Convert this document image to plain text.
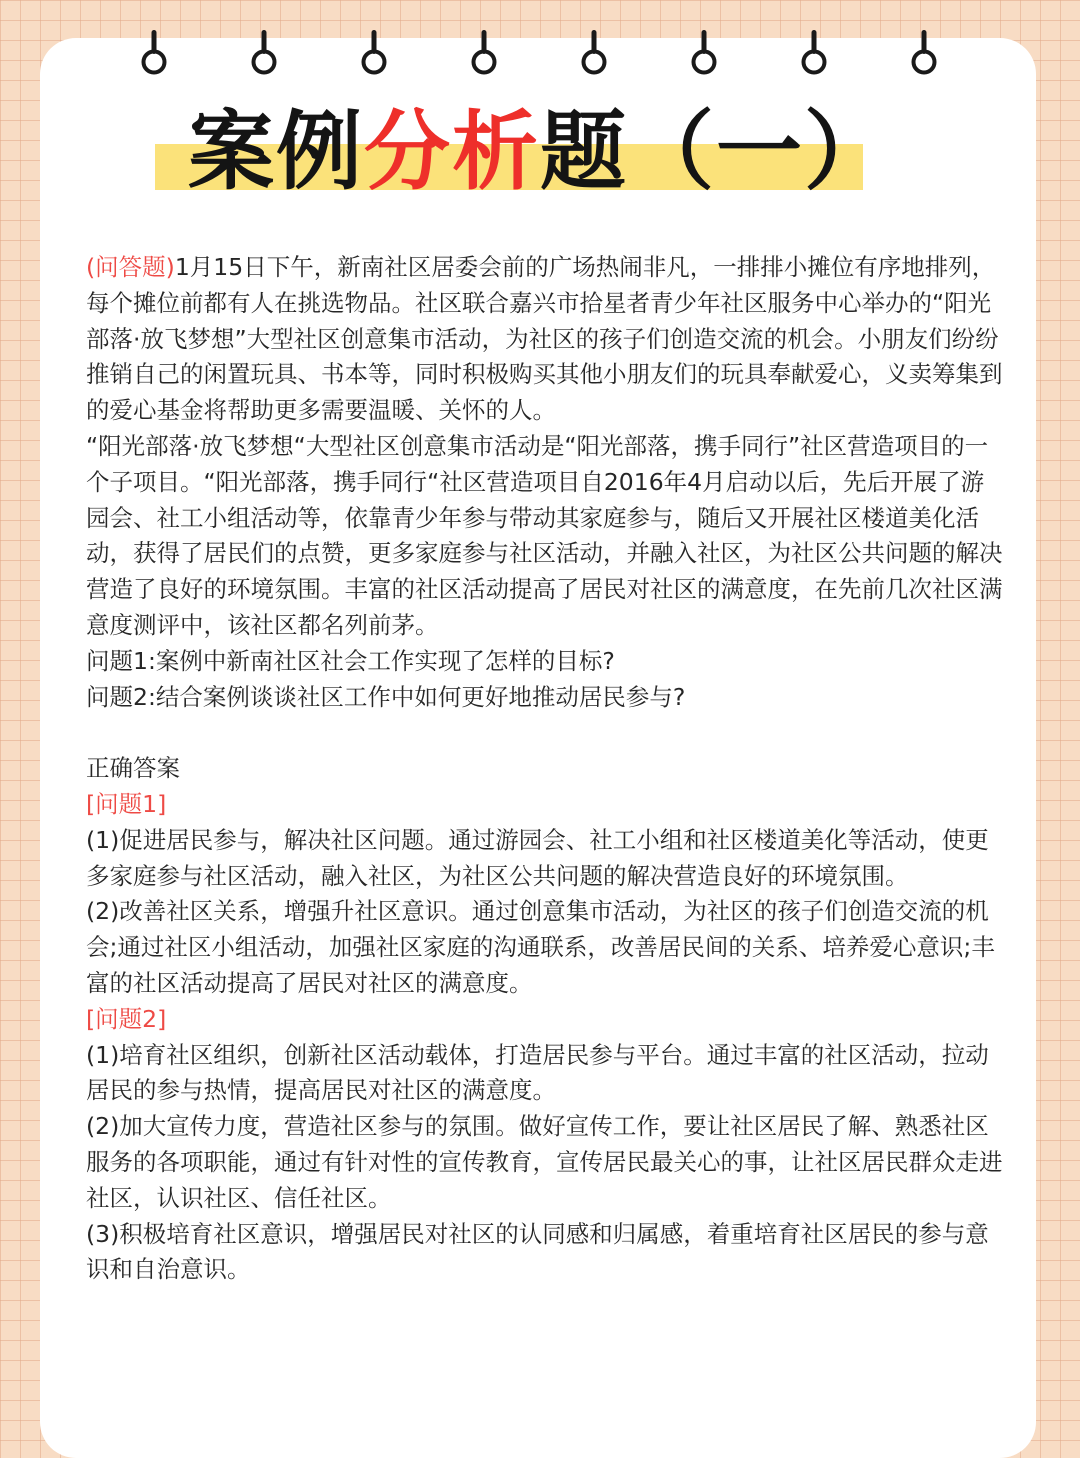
案例分析题（一）

(问答题)1月15日下午，新南社区居委会前的广场热闹非凡，一排排小摊位有序地排列，每个摊位前都有人在挑选物品。社区联合嘉兴市拾星者青少年社区服务中心举办的“阳光部落·放飞梦想”大型社区创意集市活动，为社区的孩子们创造交流的机会。小朋友们纷纷推销自己的闲置玩具、书本等，同时积极购买其他小朋友们的玩具奉献爱心，义卖筹集到的爱心基金将帮助更多需要温暖、关怀的人。

“阳光部落·放飞梦想“大型社区创意集市活动是“阳光部落，携手同行”社区营造项目的一个子项目。“阳光部落，携手同行“社区营造项目自2016年4月启动以后，先后开展了游园会、社工小组活动等，依靠青少年参与带动其家庭参与，随后又开展社区楼道美化活动，获得了居民们的点赞，更多家庭参与社区活动，并融入社区，为社区公共问题的解决营造了良好的环境氛围。丰富的社区活动提高了居民对社区的满意度，在先前几次社区满意度测评中，该社区都名列前茅。

问题1:案例中新南社区社会工作实现了怎样的目标?

问题2:结合案例谈谈社区工作中如何更好地推动居民参与?

正确答案

[问题1]

(1)促进居民参与，解决社区问题。通过游园会、社工小组和社区楼道美化等活动，使更多家庭参与社区活动，融入社区，为社区公共问题的解决营造良好的环境氛围。

(2)改善社区关系，增强升社区意识。通过创意集市活动，为社区的孩子们创造交流的机会;通过社区小组活动，加强社区家庭的沟通联系，改善居民间的关系、培养爱心意识;丰富的社区活动提高了居民对社区的满意度。

[问题2]

(1)培育社区组织，创新社区活动载体，打造居民参与平台。通过丰富的社区活动，拉动居民的参与热情，提高居民对社区的满意度。

(2)加大宣传力度，营造社区参与的氛围。做好宣传工作，要让社区居民了解、熟悉社区服务的各项职能，通过有针对性的宣传教育，宣传居民最关心的事，让社区居民群众走进社区，认识社区、信任社区。

(3)积极培育社区意识，增强居民对社区的认同感和归属感，着重培育社区居民的参与意识和自治意识。
